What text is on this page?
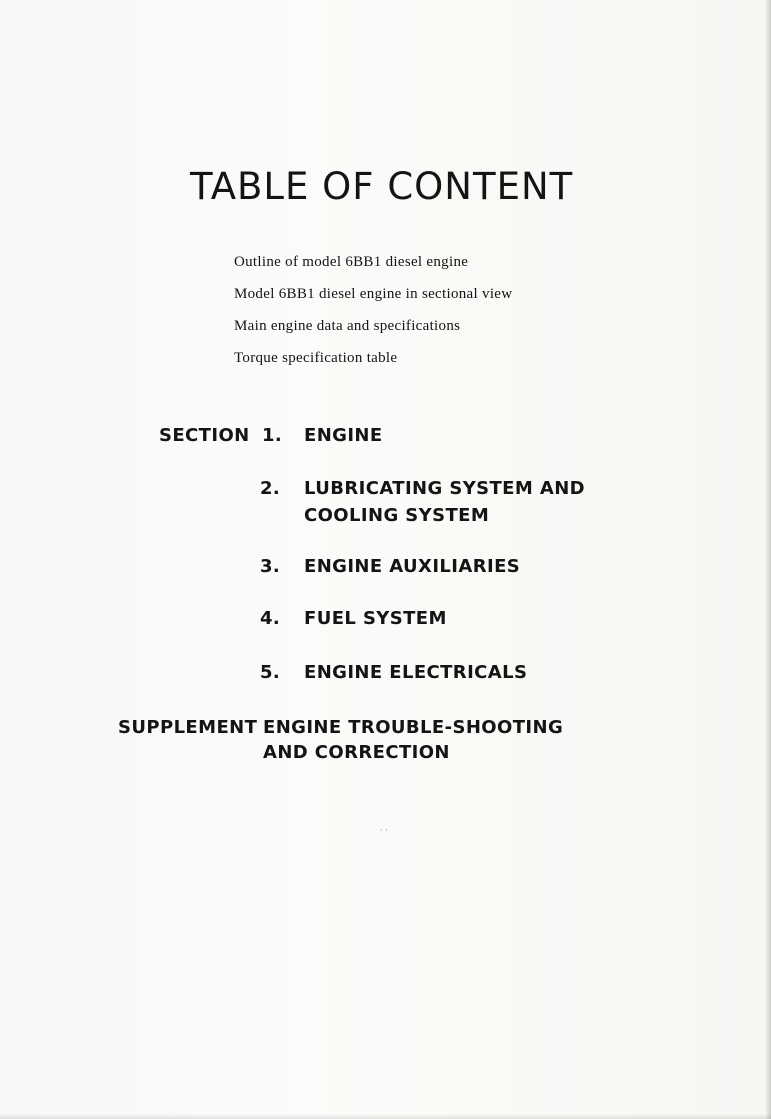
TABLE OF CONTENT
Outline of model 6BB1 diesel engine
Model 6BB1 diesel engine in sectional view
Main engine data and specifications
Torque specification table
SECTION 1. ENGINE
2. LUBRICATING SYSTEM AND
COOLING SYSTEM
3. ENGINE AUXILIARIES
4. FUEL SYSTEM
5. ENGINE ELECTRICALS
SUPPLEMENT ENGINE TROUBLE-SHOOTING
AND CORRECTION
· ·
